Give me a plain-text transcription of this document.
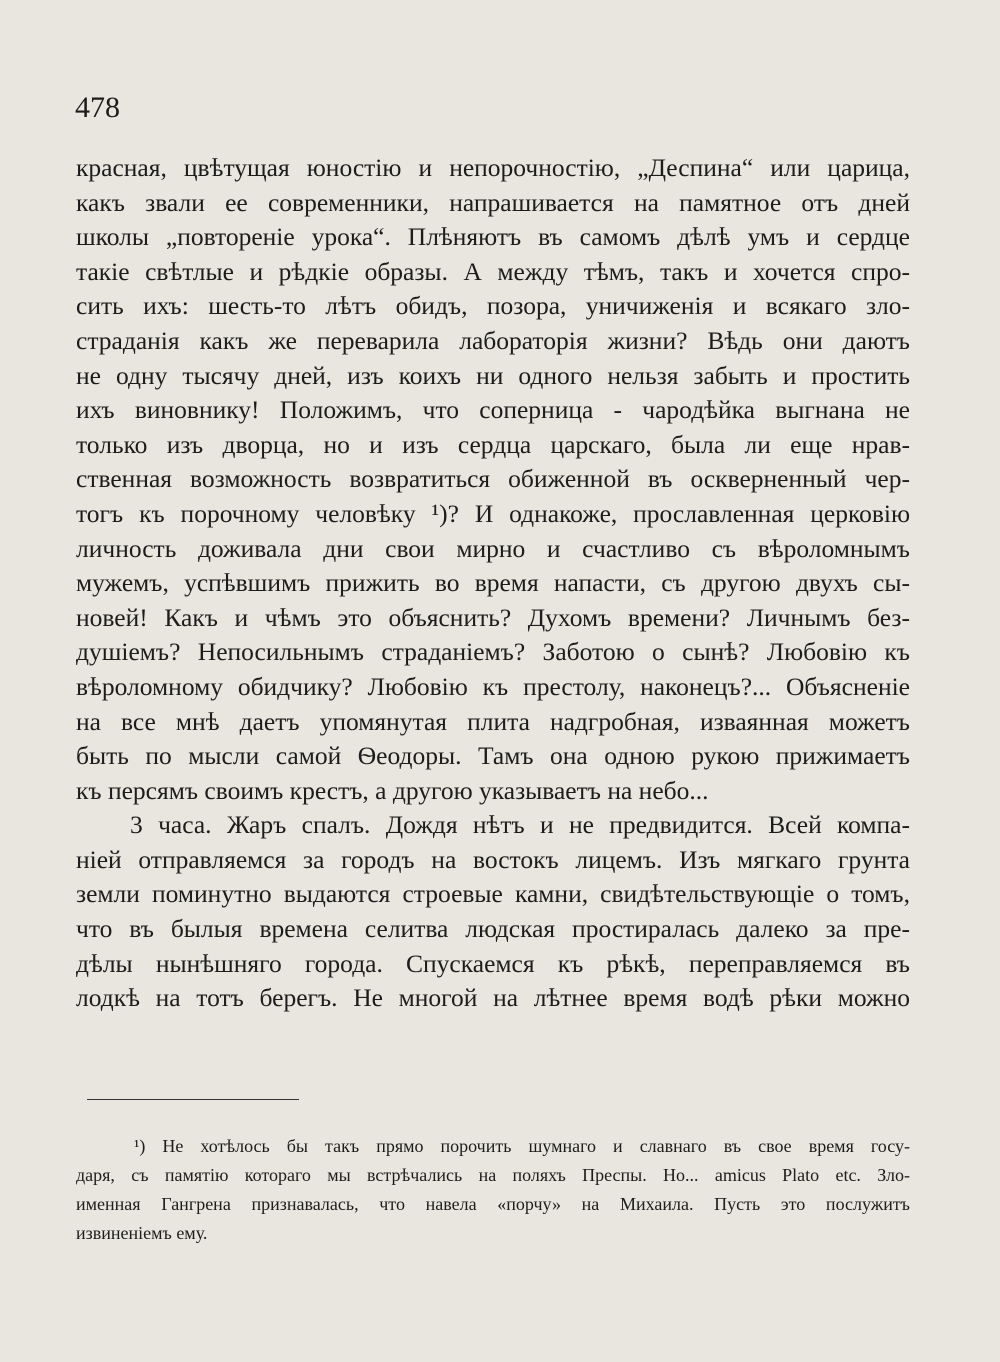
478
красная, цвѣтущая юностію и непорочностію, „Деспина“ или царица,
какъ звали ее современники, напрашивается на памятное отъ дней
школы „повтореніе урока“. Плѣняютъ въ самомъ дѣлѣ умъ и сердце
такіе свѣтлые и рѣдкіе образы. А между тѣмъ, такъ и хочется спро-
сить ихъ: шесть-то лѣтъ обидъ, позора, уничиженія и всякаго зло-
страданія какъ же переварила лабораторія жизни? Вѣдь они даютъ
не одну тысячу дней, изъ коихъ ни одного нельзя забыть и простить
ихъ виновнику! Положимъ, что соперница - чародѣйка выгнана не
только изъ дворца, но и изъ сердца царскаго, была ли еще нрав-
ственная возможность возвратиться обиженной въ оскверненный чер-
тогъ къ порочному человѣку ¹)? И однакоже, прославленная церковію
личность доживала дни свои мирно и счастливо съ вѣроломнымъ
мужемъ, успѣвшимъ прижить во время напасти, съ другою двухъ сы-
новей! Какъ и чѣмъ это объяснить? Духомъ времени? Личнымъ без-
душіемъ? Непосильнымъ страданіемъ? Заботою о сынѣ? Любовію къ
вѣроломному обидчику? Любовію къ престолу, наконецъ?... Объясненіе
на все мнѣ даетъ упомянутая плита надгробная, изваянная можетъ
быть по мысли самой Ѳеодоры. Тамъ она одною рукою прижимаетъ
къ персямъ своимъ крестъ, а другою указываетъ на небо...
3 часа. Жаръ спалъ. Дождя нѣтъ и не предвидится. Всей компа-
ніей отправляемся за городъ на востокъ лицемъ. Изъ мягкаго грунта
земли поминутно выдаются строевые камни, свидѣтельствующіе о томъ,
что въ былыя времена селитва людская простиралась далеко за пре-
дѣлы нынѣшняго города. Спускаемся къ рѣкѣ, переправляемся въ
лодкѣ на тотъ берегъ. Не многой на лѣтнее время водѣ рѣки можно
¹) Не хотѣлось бы такъ прямо порочить шумнаго и славнаго въ свое время госу-
даря, съ памятію котораго мы встрѣчались на поляхъ Преспы. Но... amicus Plato etc. Зло-
именная Гангрена признавалась, что навела «порчу» на Михаила. Пусть это послужитъ
извиненіемъ ему.
